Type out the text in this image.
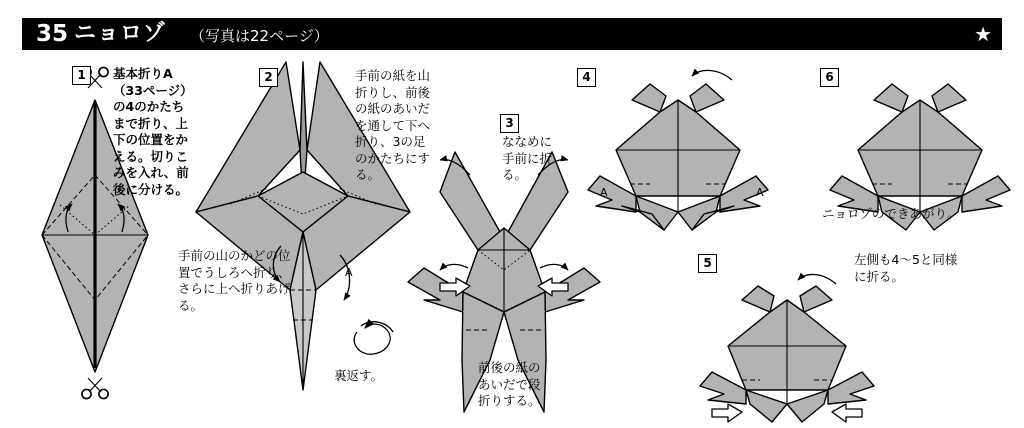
35 ニョロゾ （写真は22ページ）	★
A
A	A
1	2
3
4
5
6
基本折りA（33ページ）の4のかたちまで折り、上下の位置をかえる。切りこみを入れ、前後に分ける。
手前の紙を山折りし、前後の紙のあいだを通して下へ折り、3の足のかたちにする。
手前の山のかどの位置でうしろへ折り、さらに上へ折りあげる。
裏返す。
ななめに手前に折る。
前後の紙のあいだで段折りする。
ニョロゾのできあがり。
左側も4～5と同様に折る。
